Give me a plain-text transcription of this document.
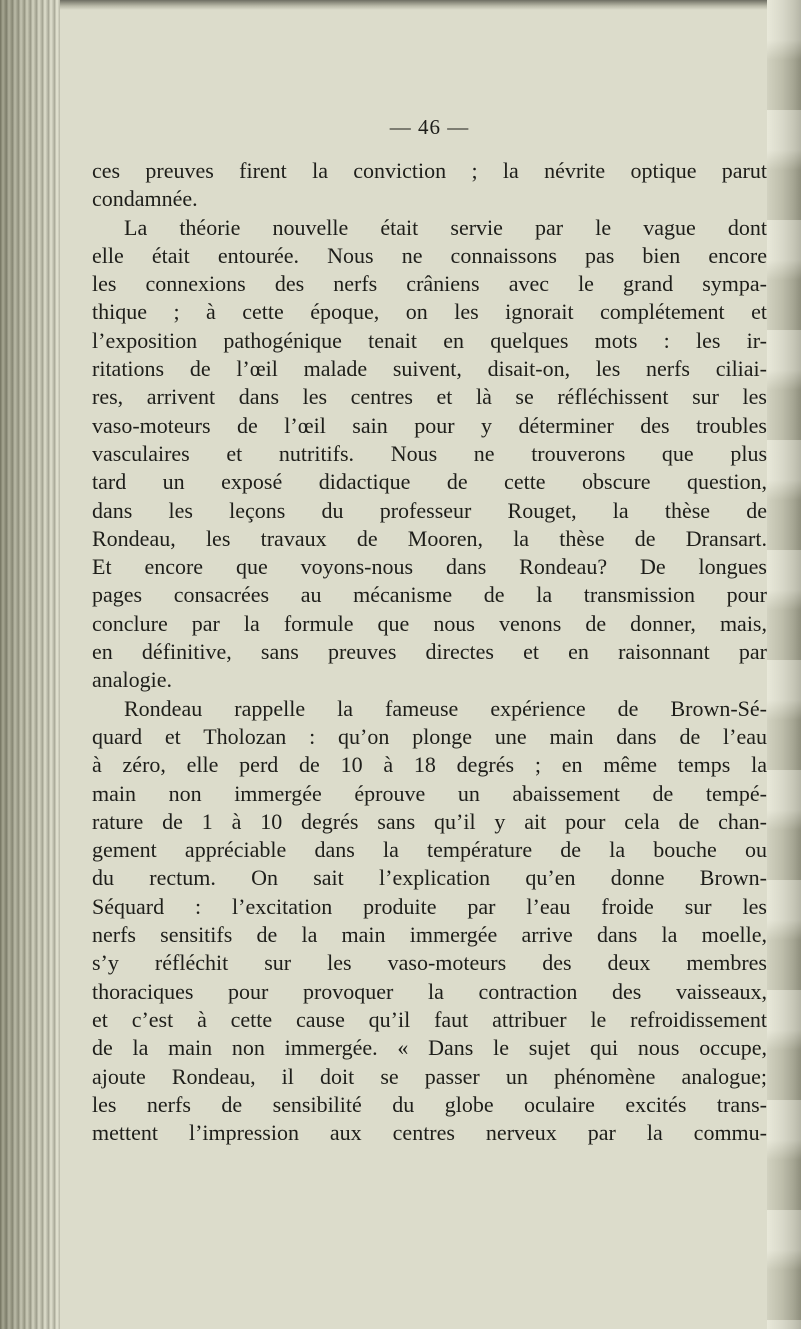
— 46 —
ces preuves firent la conviction ; la névrite optique parut
condamnée.
La théorie nouvelle était servie par le vague dont
elle était entourée. Nous ne connaissons pas bien encore
les connexions des nerfs crâniens avec le grand sympa-
thique ; à cette époque, on les ignorait complétement et
l’exposition pathogénique tenait en quelques mots : les ir-
ritations de l’œil malade suivent, disait-on, les nerfs ciliai-
res, arrivent dans les centres et là se réfléchissent sur les
vaso-moteurs de l’œil sain pour y déterminer des troubles
vasculaires et nutritifs. Nous ne trouverons que plus
tard un exposé didactique de cette obscure question,
dans les leçons du professeur Rouget, la thèse de
Rondeau, les travaux de Mooren, la thèse de Dransart.
Et encore que voyons-nous dans Rondeau? De longues
pages consacrées au mécanisme de la transmission pour
conclure par la formule que nous venons de donner, mais,
en définitive, sans preuves directes et en raisonnant par
analogie.
Rondeau rappelle la fameuse expérience de Brown-Sé-
quard et Tholozan : qu’on plonge une main dans de l’eau
à zéro, elle perd de 10 à 18 degrés ; en même temps la
main non immergée éprouve un abaissement de tempé-
rature de 1 à 10 degrés sans qu’il y ait pour cela de chan-
gement appréciable dans la température de la bouche ou
du rectum. On sait l’explication qu’en donne Brown-
Séquard : l’excitation produite par l’eau froide sur les
nerfs sensitifs de la main immergée arrive dans la moelle,
s’y réfléchit sur les vaso-moteurs des deux membres
thoraciques pour provoquer la contraction des vaisseaux,
et c’est à cette cause qu’il faut attribuer le refroidissement
de la main non immergée. « Dans le sujet qui nous occupe,
ajoute Rondeau, il doit se passer un phénomène analogue;
les nerfs de sensibilité du globe oculaire excités trans-
mettent l’impression aux centres nerveux par la commu-
